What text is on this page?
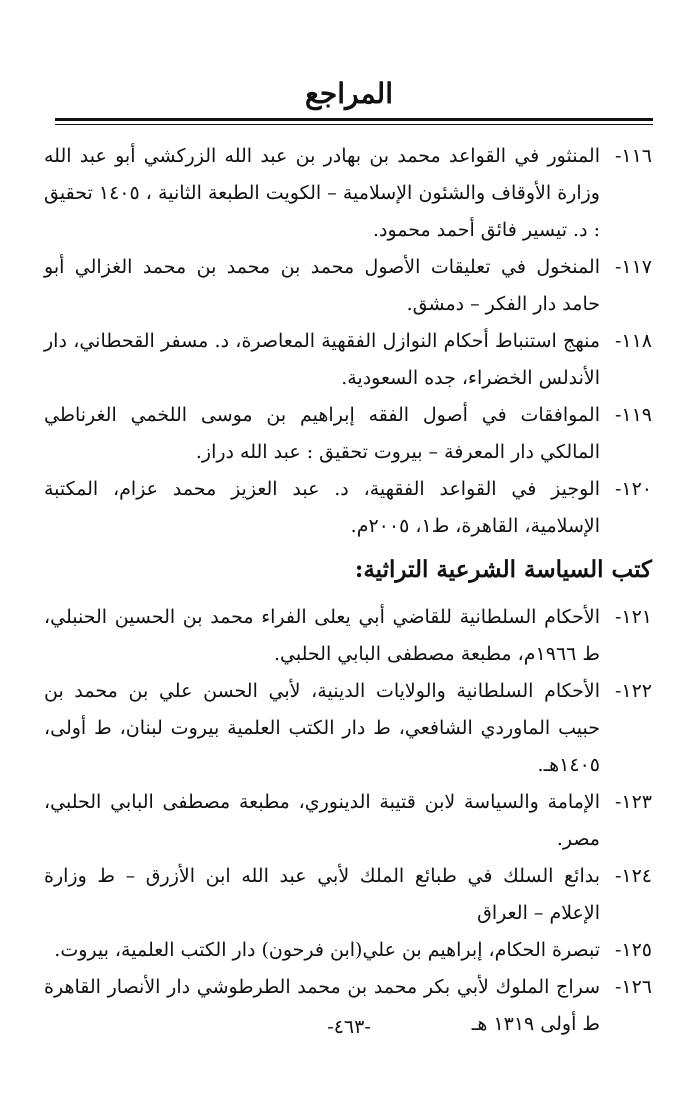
المراجع
١١٦-
المنثور في القواعد محمد بن بهادر بن عبد الله الزركشي أبو عبد الله وزارة الأوقاف والشئون الإسلامية – الكويت الطبعة الثانية ، ١٤٠٥ تحقيق : د. تيسير فائق أحمد محمود.
١١٧-
المنخول في تعليقات الأصول محمد بن محمد بن محمد الغزالي أبو حامد دار الفكر – دمشق.
١١٨-
منهج استنباط أحكام النوازل الفقهية المعاصرة، د. مسفر القحطاني، دار الأندلس الخضراء، جده السعودية.
١١٩-
الموافقات في أصول الفقه إبراهيم بن موسى اللخمي الغرناطي المالكي دار المعرفة – بيروت تحقيق : عبد الله دراز.
١٢٠-
الوجيز في القواعد الفقهية، د. عبد العزيز محمد عزام، المكتبة الإسلامية، القاهرة، ط١، ٢٠٠٥م.
كتب السياسة الشرعية التراثية:
١٢١-
الأحكام السلطانية للقاضي أبي يعلى الفراء محمد بن الحسين الحنبلي، ط ١٩٦٦م، مطبعة مصطفى البابي الحلبي.
١٢٢-
الأحكام السلطانية والولايات الدينية، لأبي الحسن علي بن محمد بن حبيب الماوردي الشافعي، ط دار الكتب العلمية بيروت لبنان، ط أولى، ١٤٠٥هـ.
١٢٣-
الإمامة والسياسة لابن قتيبة الدينوري، مطبعة مصطفى البابي الحلبي، مصر.
١٢٤-
بدائع السلك في طبائع الملك لأبي عبد الله ابن الأزرق – ط وزارة الإعلام – العراق
١٢٥-
تبصرة الحكام، إبراهيم بن علي(ابن فرحون) دار الكتب العلمية، بيروت.
١٢٦-
سراج الملوك لأبي بكر محمد بن محمد الطرطوشي دار الأنصار القاهرة ط أولى ١٣١٩ هـ
-٤٦٣-
